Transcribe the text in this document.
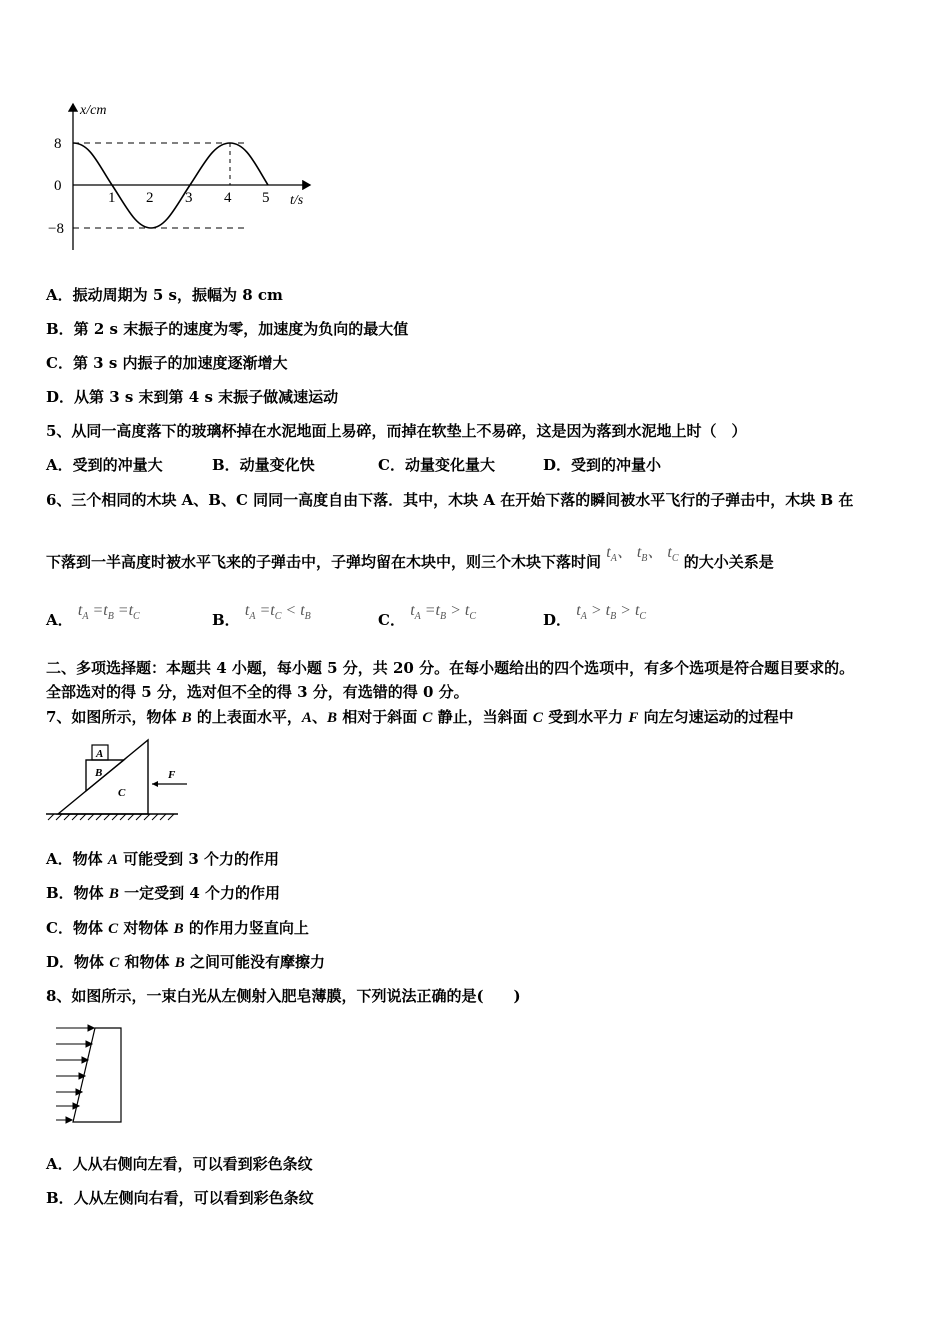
x/cm
t/s
8
0
−8
1 2 3 4 5
A．振动周期为 5 s，振幅为 8 cm
B．第 2 s 末振子的速度为零，加速度为负向的最大值
C．第 3 s 内振子的加速度逐渐增大
D．从第 3 s 末到第 4 s 末振子做减速运动
5、从同一高度落下的玻璃杯掉在水泥地面上易碎，而掉在软垫上不易碎，这是因为落到水泥地上时（　）
A．受到的冲量大	B．动量变化快	C．动量变化量大	D．受到的冲量小
6、三个相同的木块 A、B、C 同同一高度自由下落．其中，木块 A 在开始下落的瞬间被水平飞行的子弹击中，木块 B 在
下落到一半高度时被水平飞来的子弹击中，子弹均留在木块中，则三个木块下落时间 $t_A$、 $t_B$、 $t_C$ 的大小关系是
A． $t_A =t_B =t_C$	B． $t_A =t_C < t_B$	C． $t_A =t_B > t_C$	D． $t_A > t_B > t_C$
二、多项选择题：本题共 4 小题，每小题 5 分，共 20 分。在每小题给出的四个选项中，有多个选项是符合题目要求的。
全部选对的得 5 分，选对但不全的得 3 分，有选错的得 0 分。
7、如图所示，物体 B 的上表面水平，A、B 相对于斜面 C 静止，当斜面 C 受到水平力 F 向左匀速运动的过程中
A
B
C
F
A．物体 A 可能受到 3 个力的作用
B．物体 B 一定受到 4 个力的作用
C．物体 C 对物体 B 的作用力竖直向上
D．物体 C 和物体 B 之间可能没有摩擦力
8、如图所示，一束白光从左侧射入肥皂薄膜，下列说法正确的是(　　)
A．人从右侧向左看，可以看到彩色条纹
B．人从左侧向右看，可以看到彩色条纹
